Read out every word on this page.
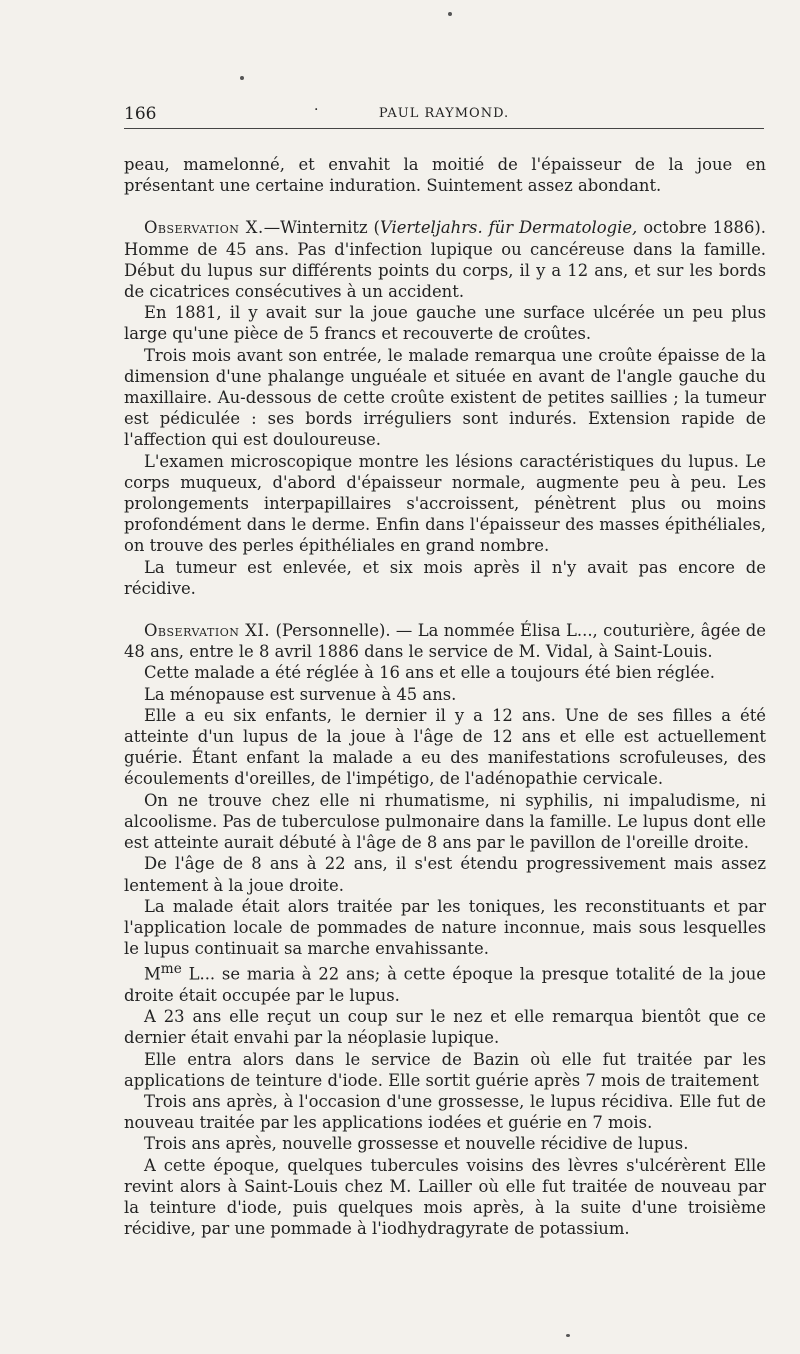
166	·	PAUL RAYMOND.

peau, mamelonné, et envahit la moitié de l'épaisseur de la joue en présentant une certaine induration. Suintement assez abondant.

Observation X.—Winternitz (Vierteljahrs. für Dermatologie, octobre 1886). Homme de 45 ans. Pas d'infection lupique ou cancéreuse dans la famille. Début du lupus sur différents points du corps, il y a 12 ans, et sur les bords de cicatrices consécutives à un accident.

En 1881, il y avait sur la joue gauche une surface ulcérée un peu plus large qu'une pièce de 5 francs et recouverte de croûtes.

Trois mois avant son entrée, le malade remarqua une croûte épaisse de la dimension d'une phalange unguéale et située en avant de l'angle gauche du maxillaire. Au-dessous de cette croûte existent de petites saillies ; la tumeur est pédiculée : ses bords irréguliers sont indurés. Extension rapide de l'affection qui est douloureuse.

L'examen microscopique montre les lésions caractéristiques du lupus. Le corps muqueux, d'abord d'épaisseur normale, augmente peu à peu. Les prolongements interpapillaires s'accroissent, pénètrent plus ou moins profondément dans le derme. Enfin dans l'épaisseur des masses épithéliales, on trouve des perles épithéliales en grand nombre.

La tumeur est enlevée, et six mois après il n'y avait pas encore de récidive.

Observation XI. (Personnelle). — La nommée Élisa L..., couturière, âgée de 48 ans, entre le 8 avril 1886 dans le service de M. Vidal, à Saint-Louis.

Cette malade a été réglée à 16 ans et elle a toujours été bien réglée.

La ménopause est survenue à 45 ans.

Elle a eu six enfants, le dernier il y a 12 ans. Une de ses filles a été atteinte d'un lupus de la joue à l'âge de 12 ans et elle est actuellement guérie. Étant enfant la malade a eu des manifestations scrofuleuses, des écoulements d'oreilles, de l'impétigo, de l'adénopathie cervicale.

On ne trouve chez elle ni rhumatisme, ni syphilis, ni impaludisme, ni alcoolisme. Pas de tuberculose pulmonaire dans la famille. Le lupus dont elle est atteinte aurait débuté à l'âge de 8 ans par le pavillon de l'oreille droite.

De l'âge de 8 ans à 22 ans, il s'est étendu progressivement mais assez lentement à la joue droite.

La malade était alors traitée par les toniques, les reconstituants et par l'application locale de pommades de nature inconnue, mais sous lesquelles le lupus continuait sa marche envahissante.

$M^{me}$ L... se maria à 22 ans; à cette époque la presque totalité de la joue droite était occupée par le lupus.

A 23 ans elle reçut un coup sur le nez et elle remarqua bientôt que ce dernier était envahi par la néoplasie lupique.

Elle entra alors dans le service de Bazin où elle fut traitée par les applications de teinture d'iode. Elle sortit guérie après 7 mois de traitement

Trois ans après, à l'occasion d'une grossesse, le lupus récidiva. Elle fut de nouveau traitée par les applications iodées et guérie en 7 mois.

Trois ans après, nouvelle grossesse et nouvelle récidive de lupus.

A cette époque, quelques tubercules voisins des lèvres s'ulcérèrent Elle revint alors à Saint-Louis chez M. Lailler où elle fut traitée de nouveau par la teinture d'iode, puis quelques mois après, à la suite d'une troisième récidive, par une pommade à l'iodhydragyrate de potassium.
